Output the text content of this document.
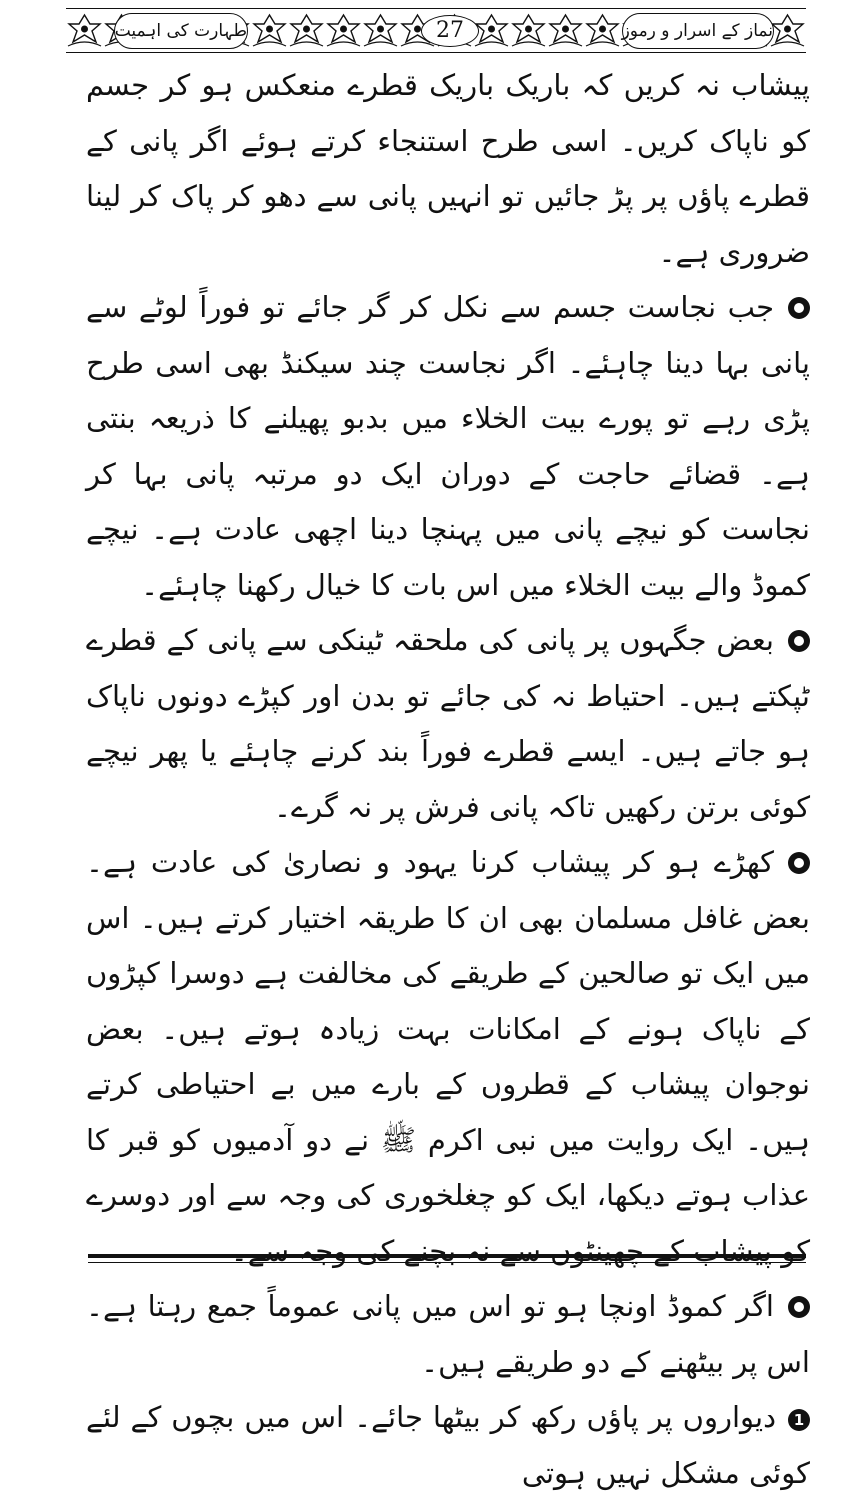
نماز کے اسرار و رموز
27
طہارت کی اہمیت

پیشاب نہ کریں کہ باریک باریک قطرے منعکس ہو کر جسم کو ناپاک کریں۔ اسی طرح استنجاء کرتے ہوئے اگر پانی کے قطرے پاؤں پر پڑ جائیں تو انہیں پانی سے دھو کر پاک کر لینا ضروری ہے۔

جب نجاست جسم سے نکل کر گر جائے تو فوراً لوٹے سے پانی بہا دینا چاہئے۔ اگر نجاست چند سیکنڈ بھی اسی طرح پڑی رہے تو پورے بیت الخلاء میں بدبو پھیلنے کا ذریعہ بنتی ہے۔ قضائے حاجت کے دوران ایک دو مرتبہ پانی بہا کر نجاست کو نیچے پانی میں پہنچا دینا اچھی عادت ہے۔ نیچے کموڈ والے بیت الخلاء میں اس بات کا خیال رکھنا چاہئے۔

بعض جگہوں پر پانی کی ملحقہ ٹینکی سے پانی کے قطرے ٹپکتے ہیں۔ احتیاط نہ کی جائے تو بدن اور کپڑے دونوں ناپاک ہو جاتے ہیں۔ ایسے قطرے فوراً بند کرنے چاہئے یا پھر نیچے کوئی برتن رکھیں تاکہ پانی فرش پر نہ گرے۔

کھڑے ہو کر پیشاب کرنا یہود و نصاریٰ کی عادت ہے۔ بعض غافل مسلمان بھی ان کا طریقہ اختیار کرتے ہیں۔ اس میں ایک تو صالحین کے طریقے کی مخالفت ہے دوسرا کپڑوں کے ناپاک ہونے کے امکانات بہت زیادہ ہوتے ہیں۔ بعض نوجوان پیشاب کے قطروں کے بارے میں بے احتیاطی کرتے ہیں۔ ایک روایت میں نبی اکرم ﷺ نے دو آدمیوں کو قبر کا عذاب ہوتے دیکھا، ایک کو چغلخوری کی وجہ سے اور دوسرے کو پیشاب کے چھینٹوں سے نہ بچنے کی وجہ سے۔

اگر کموڈ اونچا ہو تو اس میں پانی عموماً جمع رہتا ہے۔ اس پر بیٹھنے کے دو طریقے ہیں۔

1دیواروں پر پاؤں رکھ کر بیٹھا جائے۔ اس میں بچوں کے لئے کوئی مشکل نہیں ہوتی
